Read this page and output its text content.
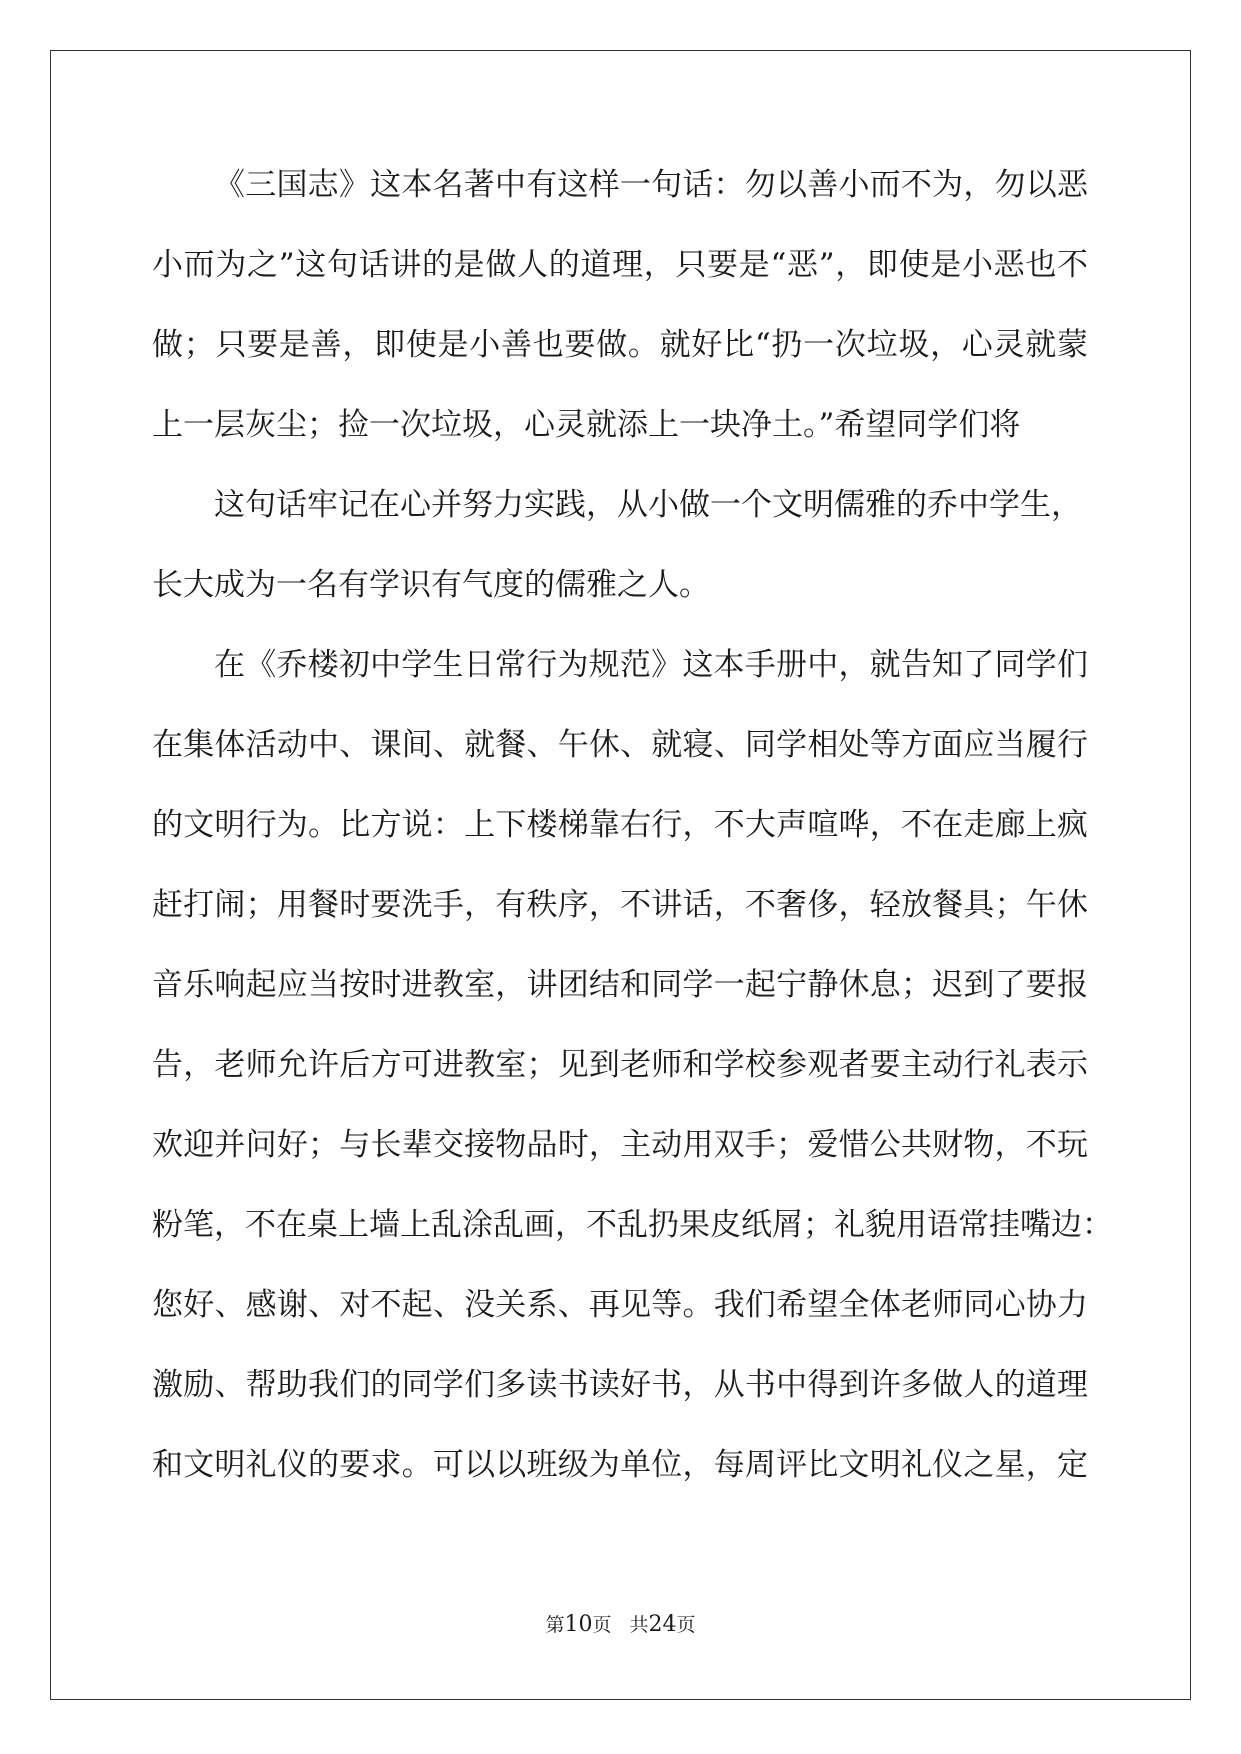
《三国志》这本名著中有这样一句话：勿以善小而不为，勿以恶
小而为之”这句话讲的是做人的道理，只要是“恶”，即使是小恶也不
做；只要是善，即使是小善也要做。就好比“扔一次垃圾，心灵就蒙
上一层灰尘；捡一次垃圾，心灵就添上一块净土。”希望同学们将
这句话牢记在心并努力实践，从小做一个文明儒雅的乔中学生，
长大成为一名有学识有气度的儒雅之人。
在《乔楼初中学生日常行为规范》这本手册中，就告知了同学们
在集体活动中、课间、就餐、午休、就寝、同学相处等方面应当履行
的文明行为。比方说：上下楼梯靠右行，不大声喧哗，不在走廊上疯
赶打闹；用餐时要洗手，有秩序，不讲话，不奢侈，轻放餐具；午休
音乐响起应当按时进教室，讲团结和同学一起宁静休息；迟到了要报
告，老师允许后方可进教室；见到老师和学校参观者要主动行礼表示
欢迎并问好；与长辈交接物品时，主动用双手；爱惜公共财物，不玩
粉笔，不在桌上墙上乱涂乱画，不乱扔果皮纸屑；礼貌用语常挂嘴边：
您好、感谢、对不起、没关系、再见等。我们希望全体老师同心协力
激励、帮助我们的同学们多读书读好书，从书中得到许多做人的道理
和文明礼仪的要求。可以以班级为单位，每周评比文明礼仪之星，定
第10页 共24页
